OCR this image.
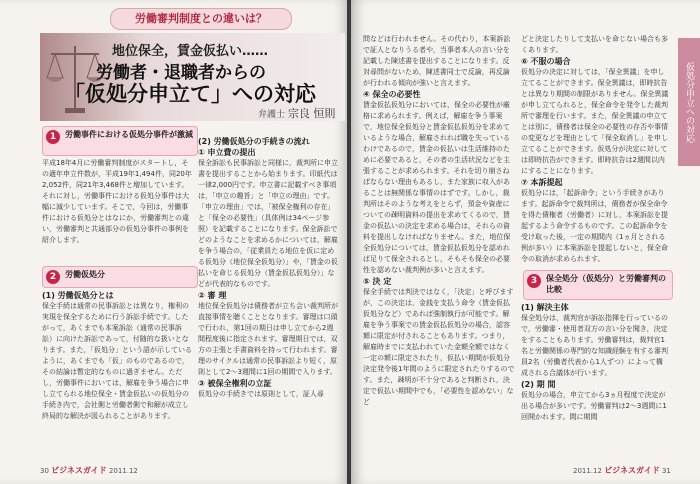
労働審判制度との違いは？
地位保全，賃金仮払い……
労働者・退職者からの
「仮処分申立て」への対応
弁護士 宗良 恒則
1	労働事件における仮処分事件が激減
平成18年4月に労働審判制度がスタートし，その適年申立件数が，平成19年1,494件，同20年2,052件，同21年3,468件と増加しています。それに対し，労働事件における仮処分事件は大幅に減少しています。そこで，今回は，労働事件における仮処分とはなにか，労働審判との違い，労働審判と共通部分の仮処分事件の事例を紹介します。
2	労働仮処分
(1) 労働仮処分とは
保全手続は通常の民事訴訟とは異なり，権利の実現を保全するために行う訴訟手続です。したがって，あくまでも本案訴訟（通常の民事訴訟）に向けた訴訟であって，付随的な扱いとなります。また，「仮処分」という語が示しているように，あくまでも「仮」のものであるので，その結論は暫定的なものに過ぎません。ただし，労働事件においては，解雇を争う場合に申し立てられる地位保全・賃金仮払いの仮処分の手続き内で，会社側と労働者側で和解が成立し終局的な解決が図られることがあります。
(2) 労働仮処分の手続きの流れ
① 申立費の提出
保全訴訟も民事訴訟と同様に，裁判所に申立書を提出することから始まります。印紙代は一律2,000円です。申立書に記載すべき事項は，「申立の趣旨」と「申立の理由」です。「申立の理由」では，「被保全権利の存在」と「保全の必要性」（具体例は34ページ参照）を記載することになります。保全訴訟でどのようなことを求めるかについては，解雇を争う場合の，「従業員たる地位を仮に定める仮処分（地位保全仮処分）」や，「賃金の仮払いを命じる仮処分（賃金仮払仮処分）」などが代表的なものです。
② 審 理
地位保全仮処分は債務者が立ち会い裁判所が直接事情を聴くこととなります。審理は口頭で行われ，第1回の期日は申し立てから2週間程度後に指定されます。審理期日では，双方の主張と手書資料を持って行われます。審理のサイクルは通常の民事訴訟より短く，原則として2〜3週間に1回の期間で入ります。
③ 被保全権利の立証
仮処分の手続きでは原則として，証人尋
30 ビジネスガイド 2011.12
問などは行われません。その代わり，本案訴訟で証人となりうる者や，当事者本人の言い分を記載した陳述書を提出することになります。反対尋問がないため，陳述書同士で反論，再反論が行われる傾向が強いと言えます。
④ 保全の必要性
賃金仮払仮処分においては，保全の必要性が厳格に求められます。例えば，解雇を争う事案で，地位保全仮処分と賃金仮払仮処分を求めているような場合，解雇されれば職を失っているわけであるので，賃金の仮払いは生活維持のために必要であると，その者の生活状況などを主張することが求められます。それを切り崩さねばならない理由もあるし，また家族に収入があることは無関係な事情のはずです。しかし，裁判所はそのような考えをとらず，預金や資産についての疎明資料の提出を求めてくるので，賃金の仮払いの決定を求める場合は，それらの資料を提出しなければなりません。また，地位保全仮処分については，賃金仮払仮処分を認めれば足りて保全されるとし，そもそも保全の必要性を認めない裁判例が多いと言えます。
⑤ 決 定
保全手続では判決ではなく，「決定」と呼びますが，この決定は，金銭を支払う命令（賃金仮払仮処分など）であれば強制執行が可能です。解雇を争う事案での賃金仮払仮処分の場合，認容額に限定が付されることもあります。つまり，解雇時までに支払われていた金額全額ではなく一定の額に限定されたり，仮払い期間が仮処分決定発令後1年間のように限定されたりするのです。また，疎明が不十分であると判断され，決定で仮払い期間中でも，「必要性を認めない」など
どと決定したりして支払いを命じない場合も多くあります。
⑥ 不服の場合
仮処分の決定に対しては，「保全異議」を申し立てることができます。保全異議は，即時抗告とは異なり期間の制限がありません。保全異議が申し立てられると，保全命令を発令した裁判所で審理を行います。また，保全異議の申立てとは別に，債務者は保全の必要性の存否や事情の変更などを理由として「保全取消し」を申し立てることができます。仮処分が決定に対しては即時抗告ができます。即時抗告は2週間以内にすることになります。
⑦ 本訴提起
仮処分には，「起訴命令」という手続きがあります。起訴命令で裁判所は，債務者が保全命令を得た債権者（労働者）に対し，本案訴訟を提起するよう命令するものです。この起訴命令を受け取った後，一定の期間内（1ヵ月とされる例が多い）に本案訴訟を提起しないと，保全命令の取消が求められます。
3	保全処分（仮処分）と労働審判の比較
(1) 解決主体
保全処分は，裁判官が訴訟指揮を行っているので，労働審・使用者双方の言い分を聞き，決定をすることもあります。労働審判は，裁判官1名と労働関係の専門的な知識経験を有する審判員2名（労働者代表から1人ずつ）によって構成される合議体が行います。
(2) 期 間
仮処分の場合，申立てから3ヵ月程度で決定が出る場合が多いです。労働審判は2〜3週間に1回開かれます。間に期間
仮処分申立への対応
2011.12 ビジネスガイド 31
